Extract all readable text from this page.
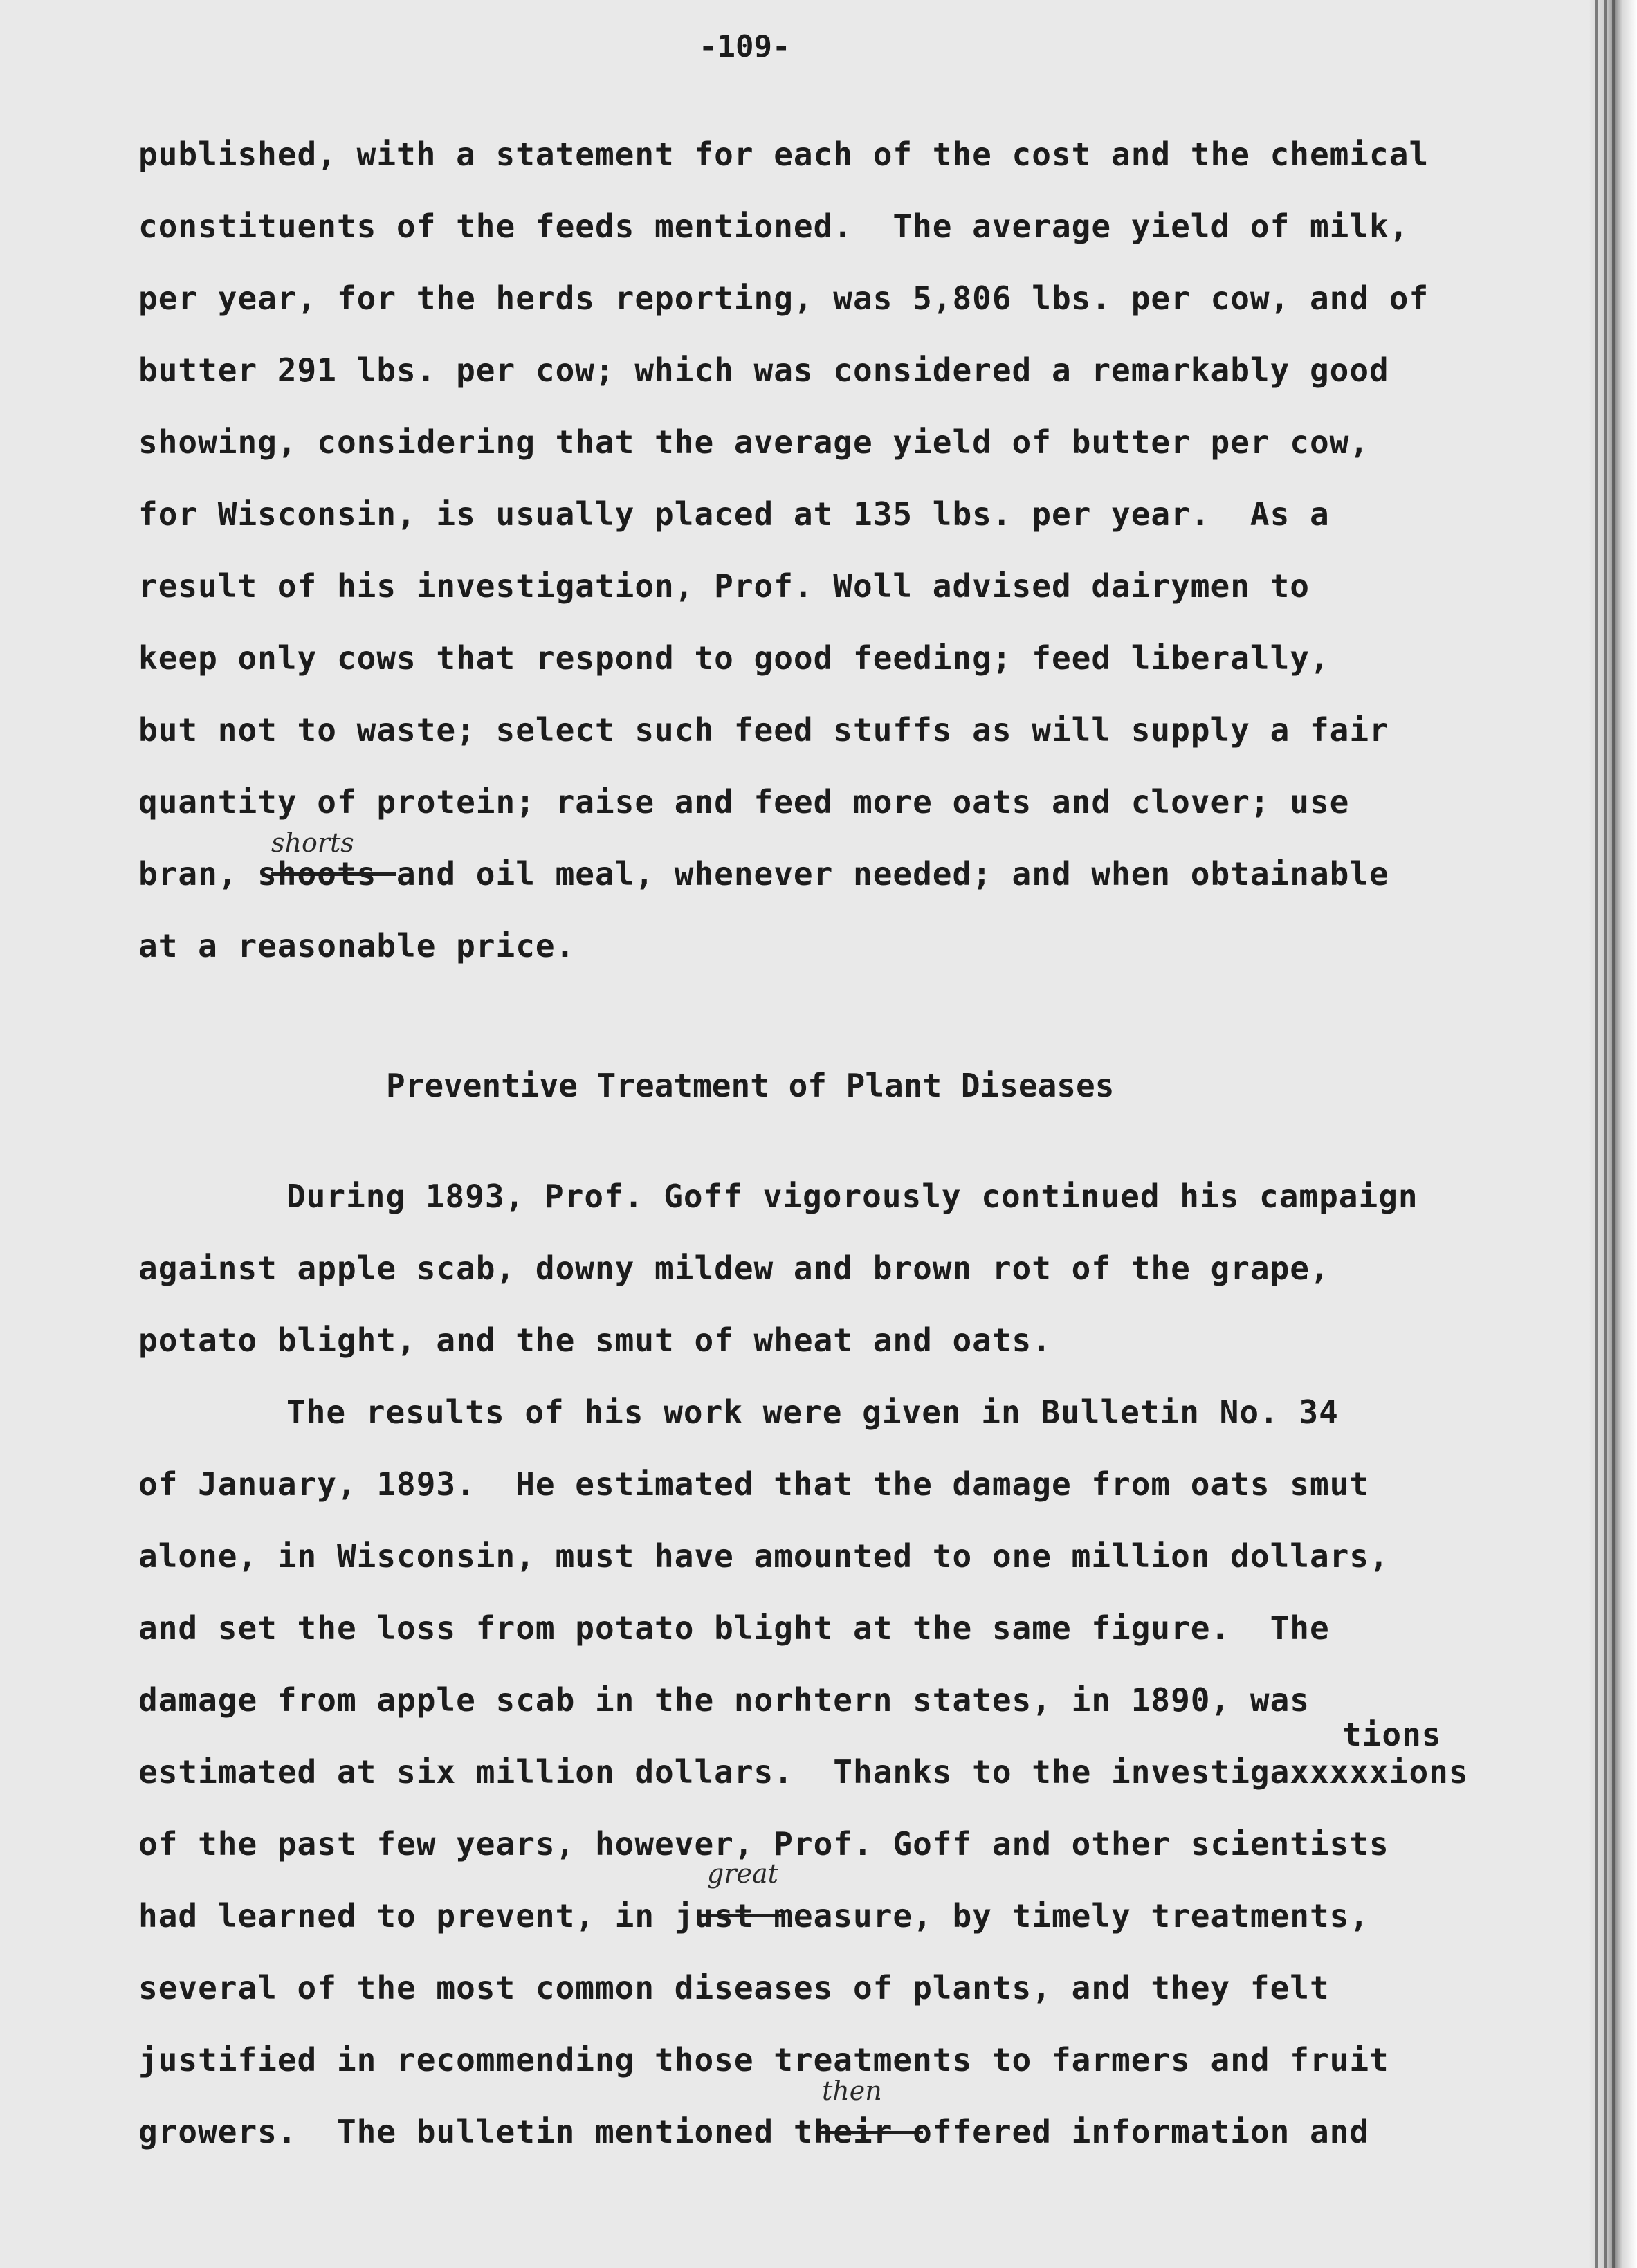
-109-
published, with a statement for each of the cost and the chemical
constituents of the feeds mentioned.  The average yield of milk,
per year, for the herds reporting, was 5,806 lbs. per cow, and of
butter 291 lbs. per cow; which was considered a remarkably good
showing, considering that the average yield of butter per cow,
for Wisconsin, is usually placed at 135 lbs. per year.  As a
result of his investigation, Prof. Woll advised dairymen to
keep only cows that respond to good feeding; feed liberally,
but not to waste; select such feed stuffs as will supply a fair
quantity of protein; raise and feed more oats and clover; use
shorts
bran, shoots and oil meal, whenever needed; and when obtainable
at a reasonable price.
Preventive Treatment of Plant Diseases
During 1893, Prof. Goff vigorously continued his campaign
against apple scab, downy mildew and brown rot of the grape,
potato blight, and the smut of wheat and oats.
The results of his work were given in Bulletin No. 34
of January, 1893.  He estimated that the damage from oats smut
alone, in Wisconsin, must have amounted to one million dollars,
and set the loss from potato blight at the same figure.  The
damage from apple scab in the norhtern states, in 1890, was
tions
estimated at six million dollars.  Thanks to the investigaxxxxxions
of the past few years, however, Prof. Goff and other scientists
great
had learned to prevent, in just measure, by timely treatments,
several of the most common diseases of plants, and they felt
justified in recommending those treatments to farmers and fruit
then
growers.  The bulletin mentioned their offered information and
